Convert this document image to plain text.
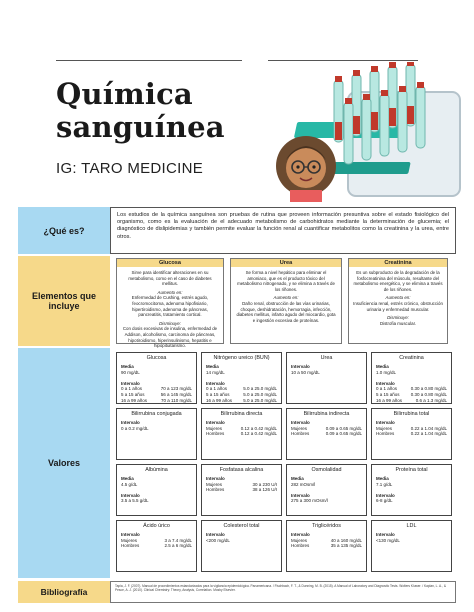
Química
sanguínea
IG: TARO MEDICINE
¿Qué es?
Los estudios de la química sanguínea son pruebas de rutina que proveen información presuntiva sobre el estado fisiológico del organismo, como es la evaluación de el adecuado metabolismo de carbohidratos mediante la determinación de glucemia; el diagnóstico de dislipidemias y también permite evaluar la función renal al cuantificar metabolitos como la creatinina y la urea, entre otros.
Elementos que incluye
Glucosa
Sirve para identificar alteraciones en su metabolismo, como en el caso de diabetes mellitus.
Aumento en:
Enfermedad de Cushing, estrés agudo, feocromocitoma, adenoma hipofisiario, hipertiroidismo, adenoma de páncreas, pancreatitis, tratamiento cortical.
Disminuye:
Con dosis excesivas de insulina, enfermedad de Addison, alcoholismo, carcinoma de páncreas, hipotiroidismo, hiperinsulinismo, hepatitis e hipopituitarismo.
Urea
Se forma a nivel hepático para eliminar el amoniaco, que es el producto tóxico del metabolismo nitrogenado, y se elimina a través de los riñones.
Aumento en:
Daño renal, obstrucción de las vías urinarias, choque, deshidratación, hemorragia, infección, diabetes mellitus, infarto agudo del miocardio, gota e ingestión excesiva de proteínas.
Creatinina
Es un subproducto de la degradación de la fosfocreatinina del músculo, resultante del metabolismo energético, y se elimina a través de los riñones.
Aumenta en:
Insuficiencia renal, estrés crónico, obstrucción urinaria y enfermedad muscular.
Disminuye:
Distrofia muscular.
Valores
Glucosa
Media
90 mg/dL
Intervalo
0 a 1 años	70 a 123 mg/dL
5 a 15 años	56 a 145 mg/dL
16 a 99 años	70 a 110 mg/dL
Nitrógeno ureico (BUN)
Media
14 mg/dL
Intervalo
0 a 1 años	5.0 a 25.0 mg/dL
5 a 15 años	5.0 a 25.0 mg/dL
16 a 99 años 5.0 a 25.0 mg/dL
Urea
Intervalo
10 a 50 mg/dL
Creatinina
Media
1.0 mg/dL
Intervalo
0 a 1 años	0.30 a 0.80 mg/dL
5 a 15 años 0.30 a 0.80 mg/dL
16 a 99 años	0.6 a 1.3 mg/dL
Bilirrubina conjugada
Intervalo
0 a 0.2 mg/dL
Bilirrubina directa
Intervalo
Mujeres	0.12 a 0.42 mg/dL
Hombres	0.12 a 0.42 mg/dL
Bilirrubina indirecta
Intervalo
Mujeres	0.09 a 0.65 mg/dL
Hombres	0.09 a 0.65 mg/dL
Bilirrubina total
Intervalo
Mujeres	0.22 a 1.04 mg/dL
Hombres	0.22 a 1.04 mg/dL
Albúmina
Media
4.5 g/dL
Intervalo
3.5 a 5.5 g/dL
Fosfatasa alcalina
Intervalo
Mujeres	30 a 230 U/I
Hombres	38 a 126 U/I
Osmolalidad
Media
282 mOsm/l
Intervalo
275 a 300 mOsm/l
Proteína total
Media
7.1 g/dL
Intervalo
6-8 g/dL
Ácido úrico
Intervalo
Mujeres	3 a 7.4 mg/dL
Hombres	2.5 a 6 mg/dL
Colesterol total
Intervalo
<200 mg/dL
Triglicéridos
Intervalo
Mujeres	40 a 160 mg/dL
Hombres	35 a 135 mg/dL
LDL
Intervalo
<130 mg/dL
Bibliografía
Tapia, J. F. (2007). Manual de procedimientos estandarizados para la vigilancia epidemiológica. Panamericana. / Fischbach, F. T., & Dunning, M. B. (2015). A Manual of Laboratory and Diagnostic Tests. Wolters Kluwer. / Kaplan, L. A., & Pesce, A. J. (2010). Clinical Chemistry: Theory, Analysis, Correlation. Mosby Elsevier.
